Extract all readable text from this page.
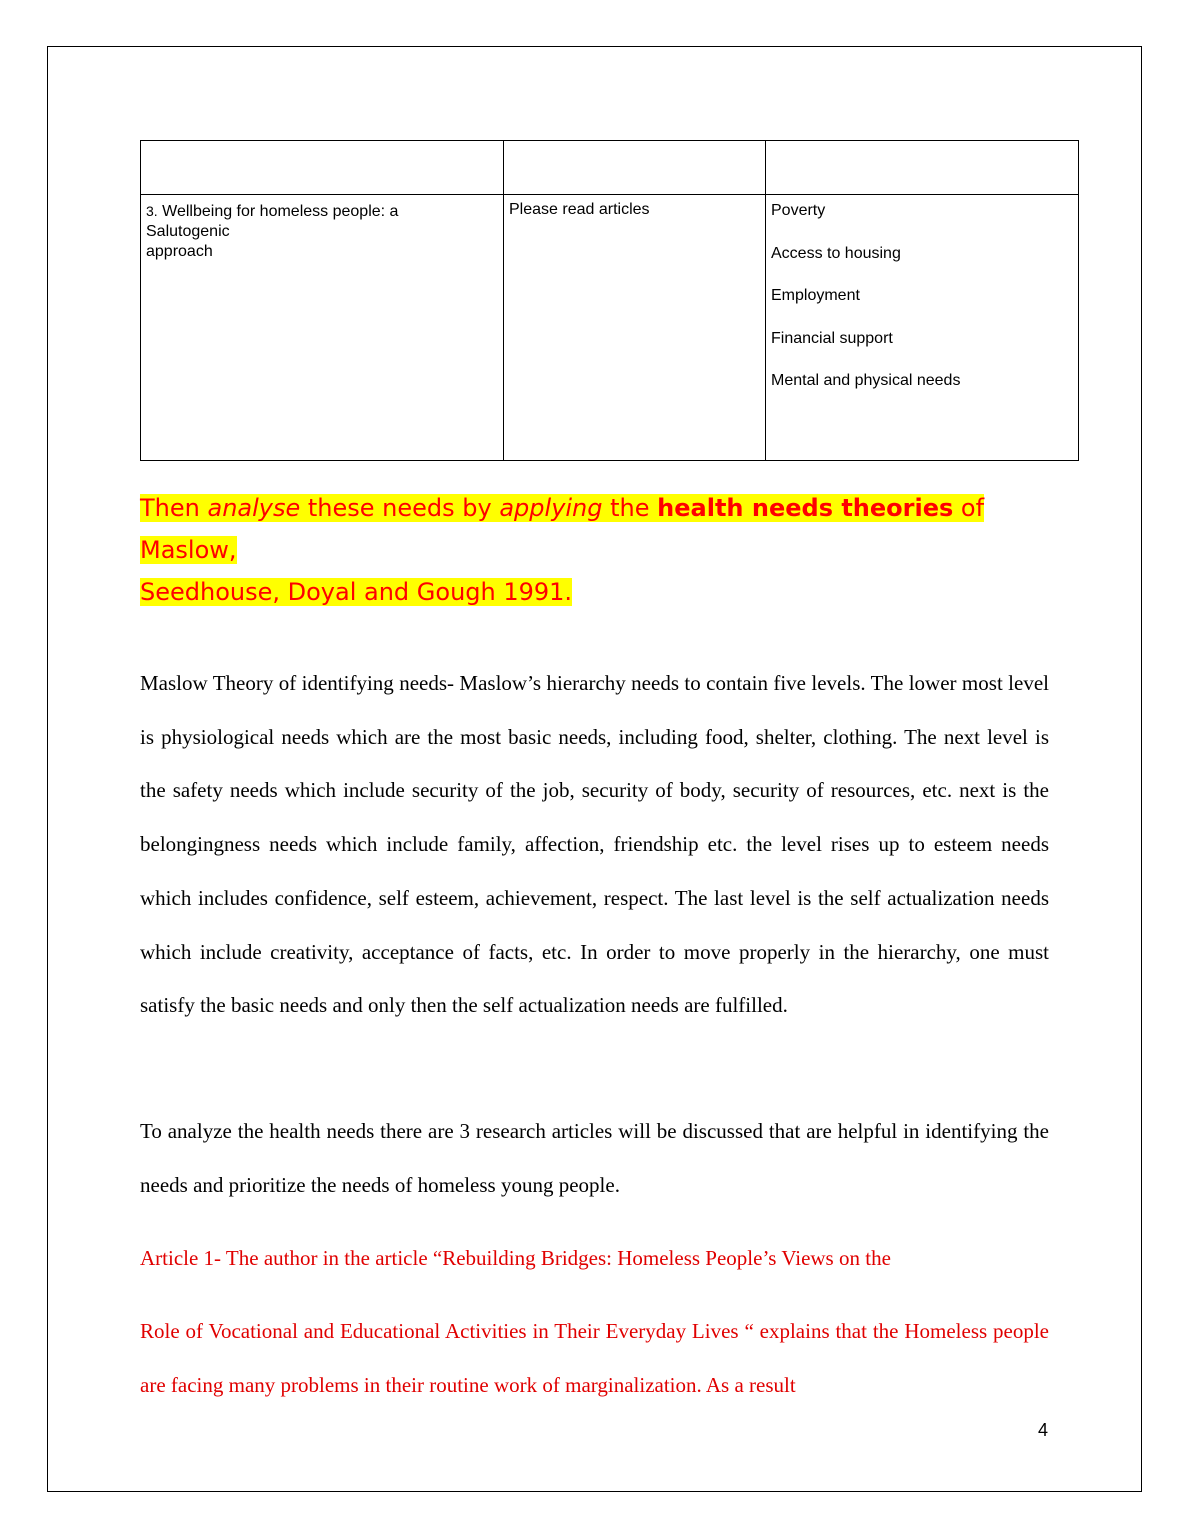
3. Wellbeing for homeless people: a
Salutogenic
approach	Please read articles	Poverty
Access to housing
Employment
Financial support
Mental and physical needs

Then analyse these needs by applying the health needs theories of Maslow,
Seedhouse, Doyal and Gough 1991.

Maslow Theory of identifying needs- Maslow’s hierarchy needs to contain five levels. The lower most level is physiological needs which are the most basic needs, including food, shelter, clothing. The next level is the safety needs which include security of the job, security of body, security of resources, etc. next is the belongingness needs which include family, affection, friendship etc. the level rises up to esteem needs which includes confidence, self esteem, achievement, respect. The last level is the self actualization needs which include creativity, acceptance of facts, etc. In order to move properly in the hierarchy, one must satisfy the basic needs and only then the self actualization needs are fulfilled.

To analyze the health needs there are 3 research articles will be discussed that are helpful in identifying the needs and prioritize the needs of homeless young people.

Article 1- The author in the article “Rebuilding Bridges: Homeless People’s Views on the

Role of Vocational and Educational Activities in Their Everyday Lives “ explains that the Homeless people are facing many problems in their routine work of marginalization. As a result

4
